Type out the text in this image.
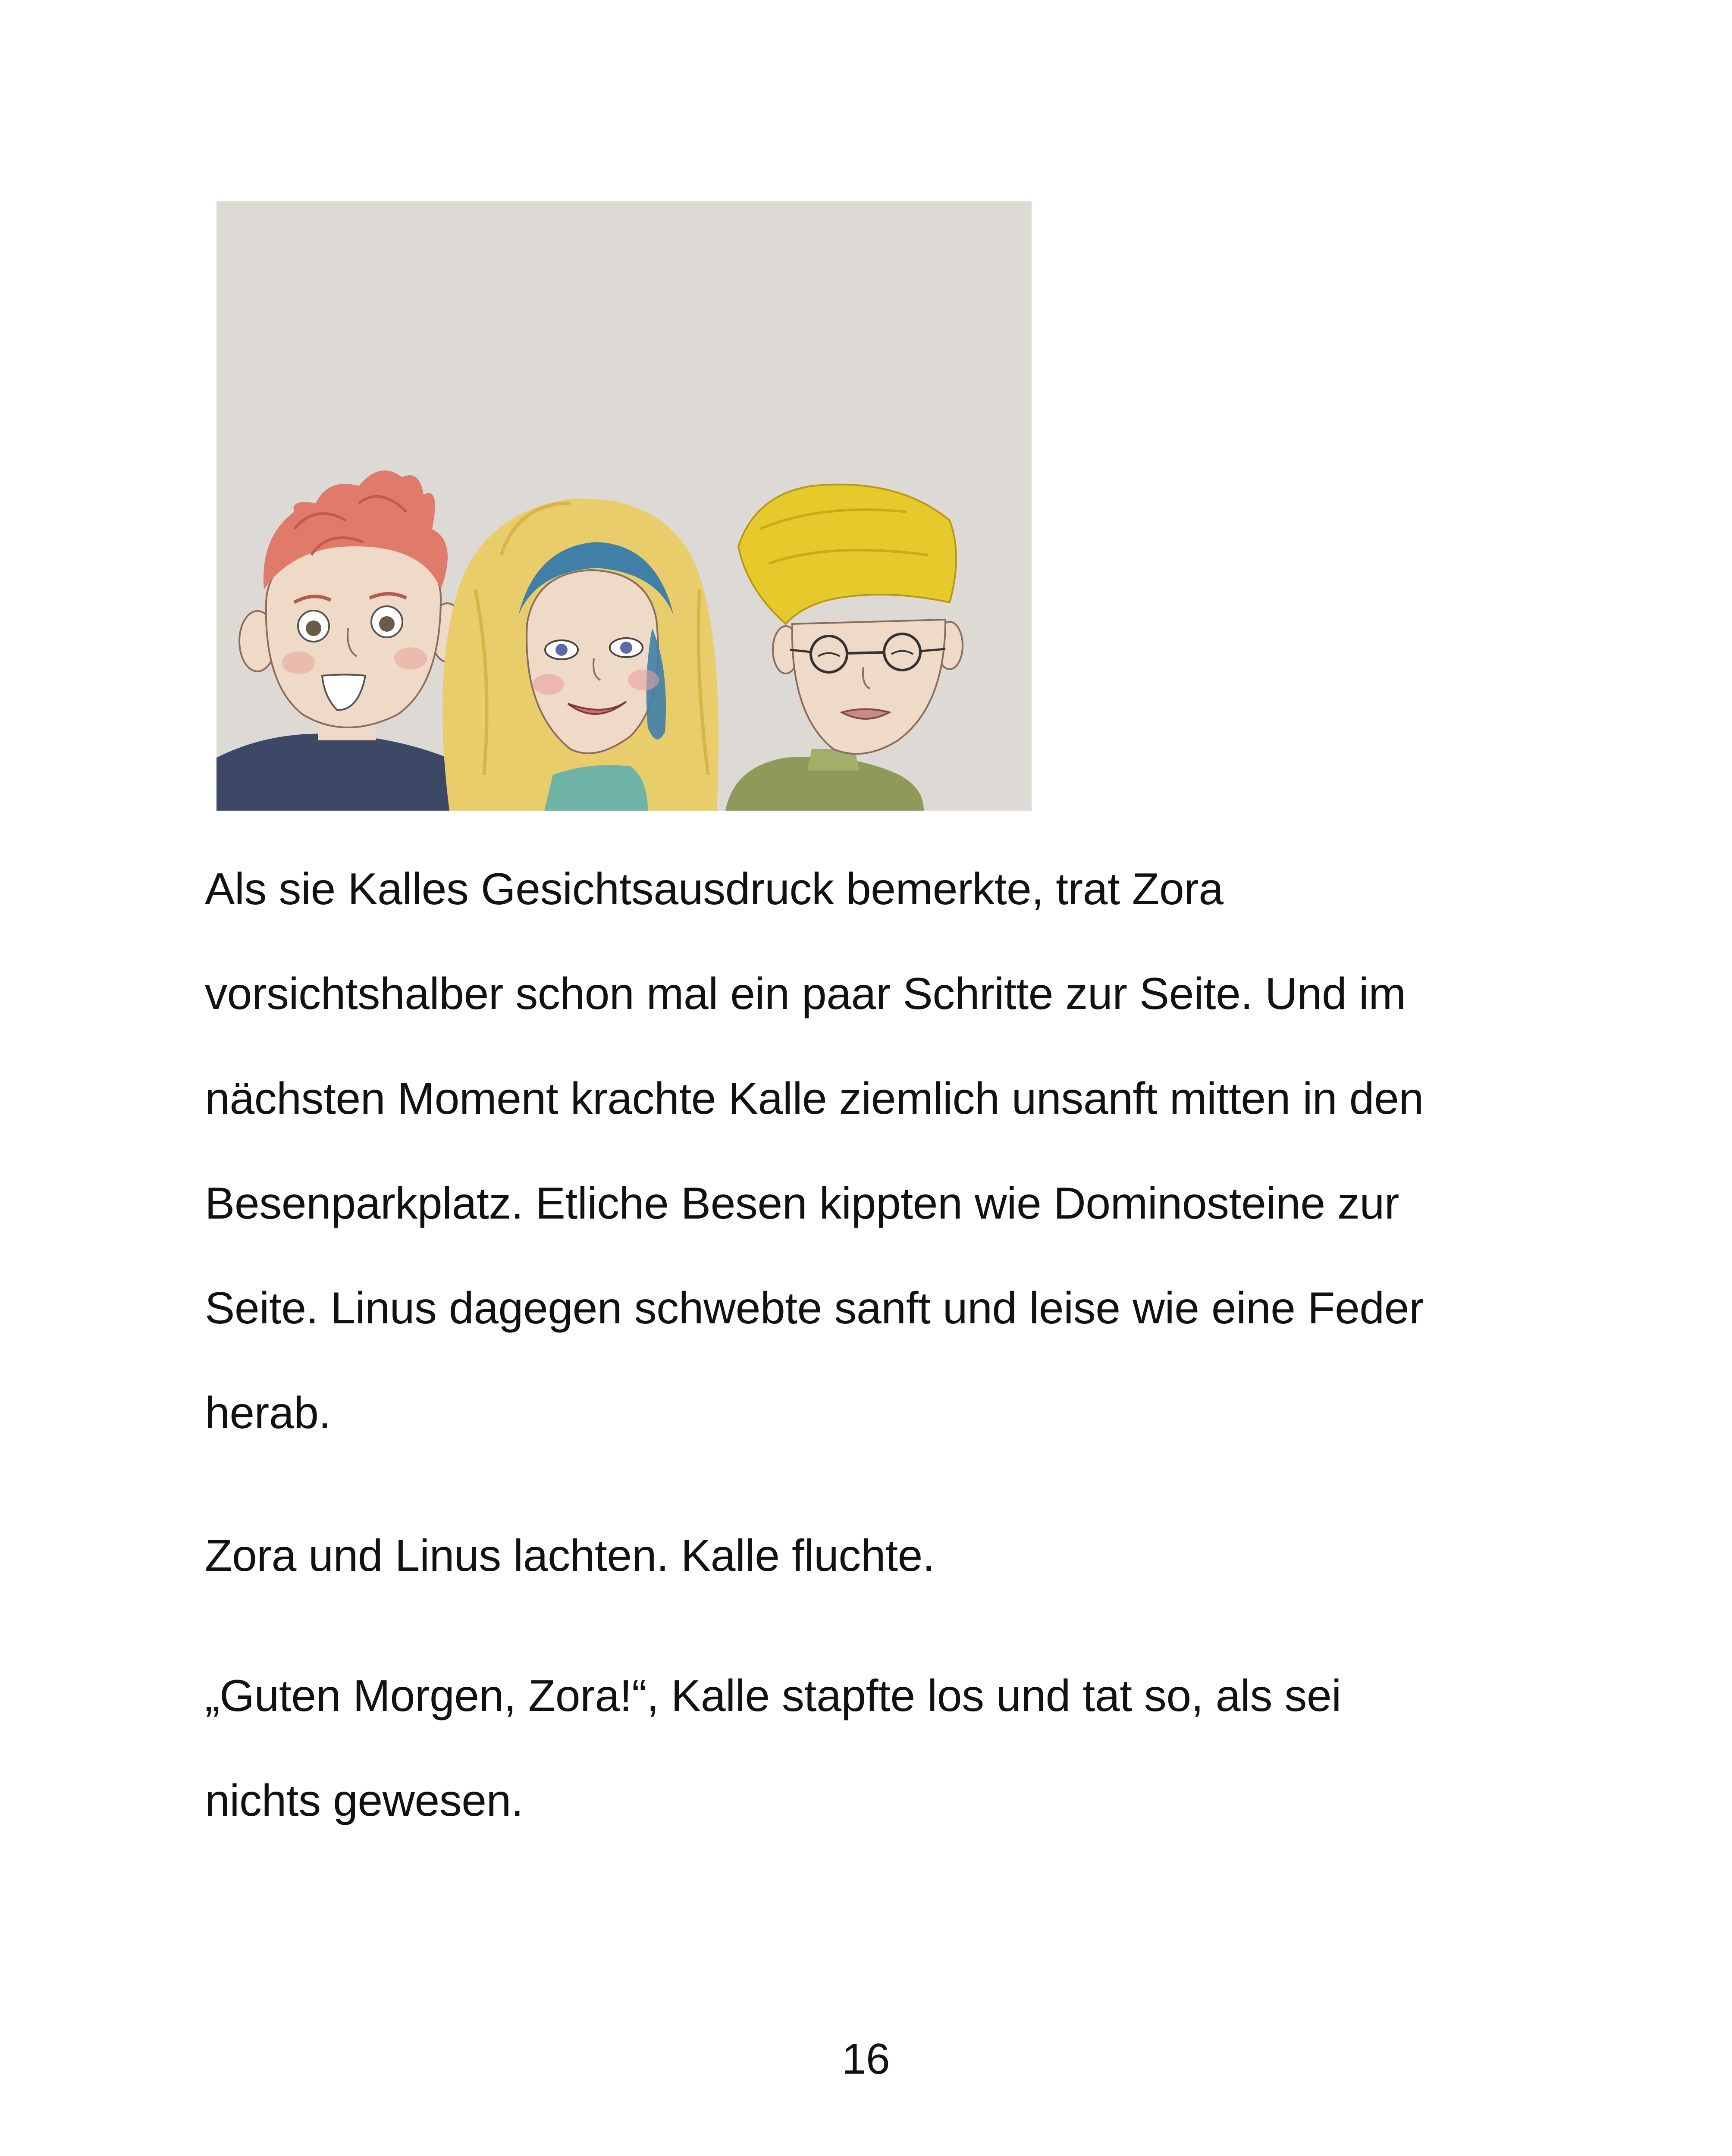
Als sie Kalles Gesichtsausdruck bemerkte, trat Zora
vorsichtshalber schon mal ein paar Schritte zur Seite. Und im
nächsten Moment krachte Kalle ziemlich unsanft mitten in den
Besenparkplatz. Etliche Besen kippten wie Dominosteine zur
Seite. Linus dagegen schwebte sanft und leise wie eine Feder
herab.

Zora und Linus lachten. Kalle fluchte.

„Guten Morgen, Zora!“, Kalle stapfte los und tat so, als sei
nichts gewesen.

16
